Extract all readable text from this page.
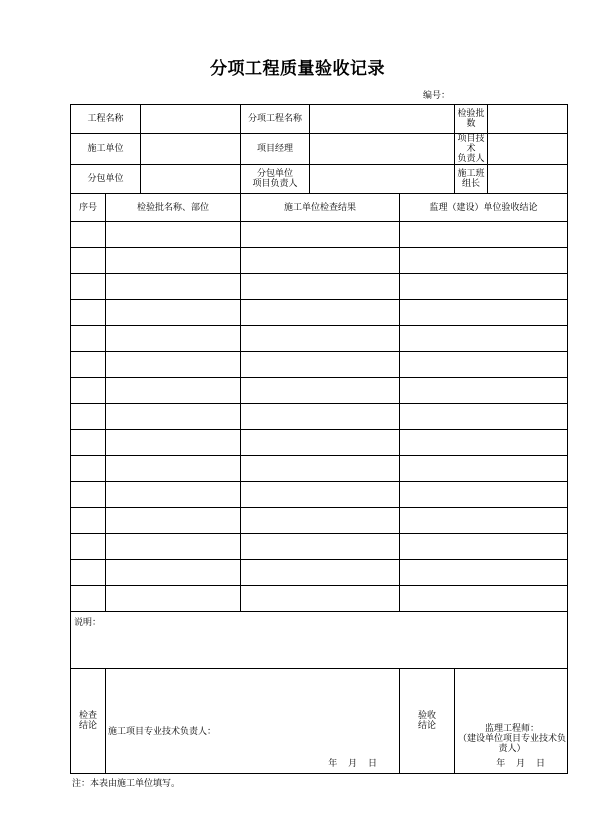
分项工程质量验收记录
编号：
工程名称			分项工程名称			检验批数	
施工单位			项目经理			项目技术
负责人	
分包单位			分包单位
项目负责人			施工班组长	
序号	检验批名称、部位		施工单位检查结果		监理（建设）单位验收结论		

说明：							
检查
结论	施工项目专业技术负责人：
年 月 日				验收
结论	监理工程师：
（建设单位项目专业技术负责人）
年 月 日	
注：本表由施工单位填写。
